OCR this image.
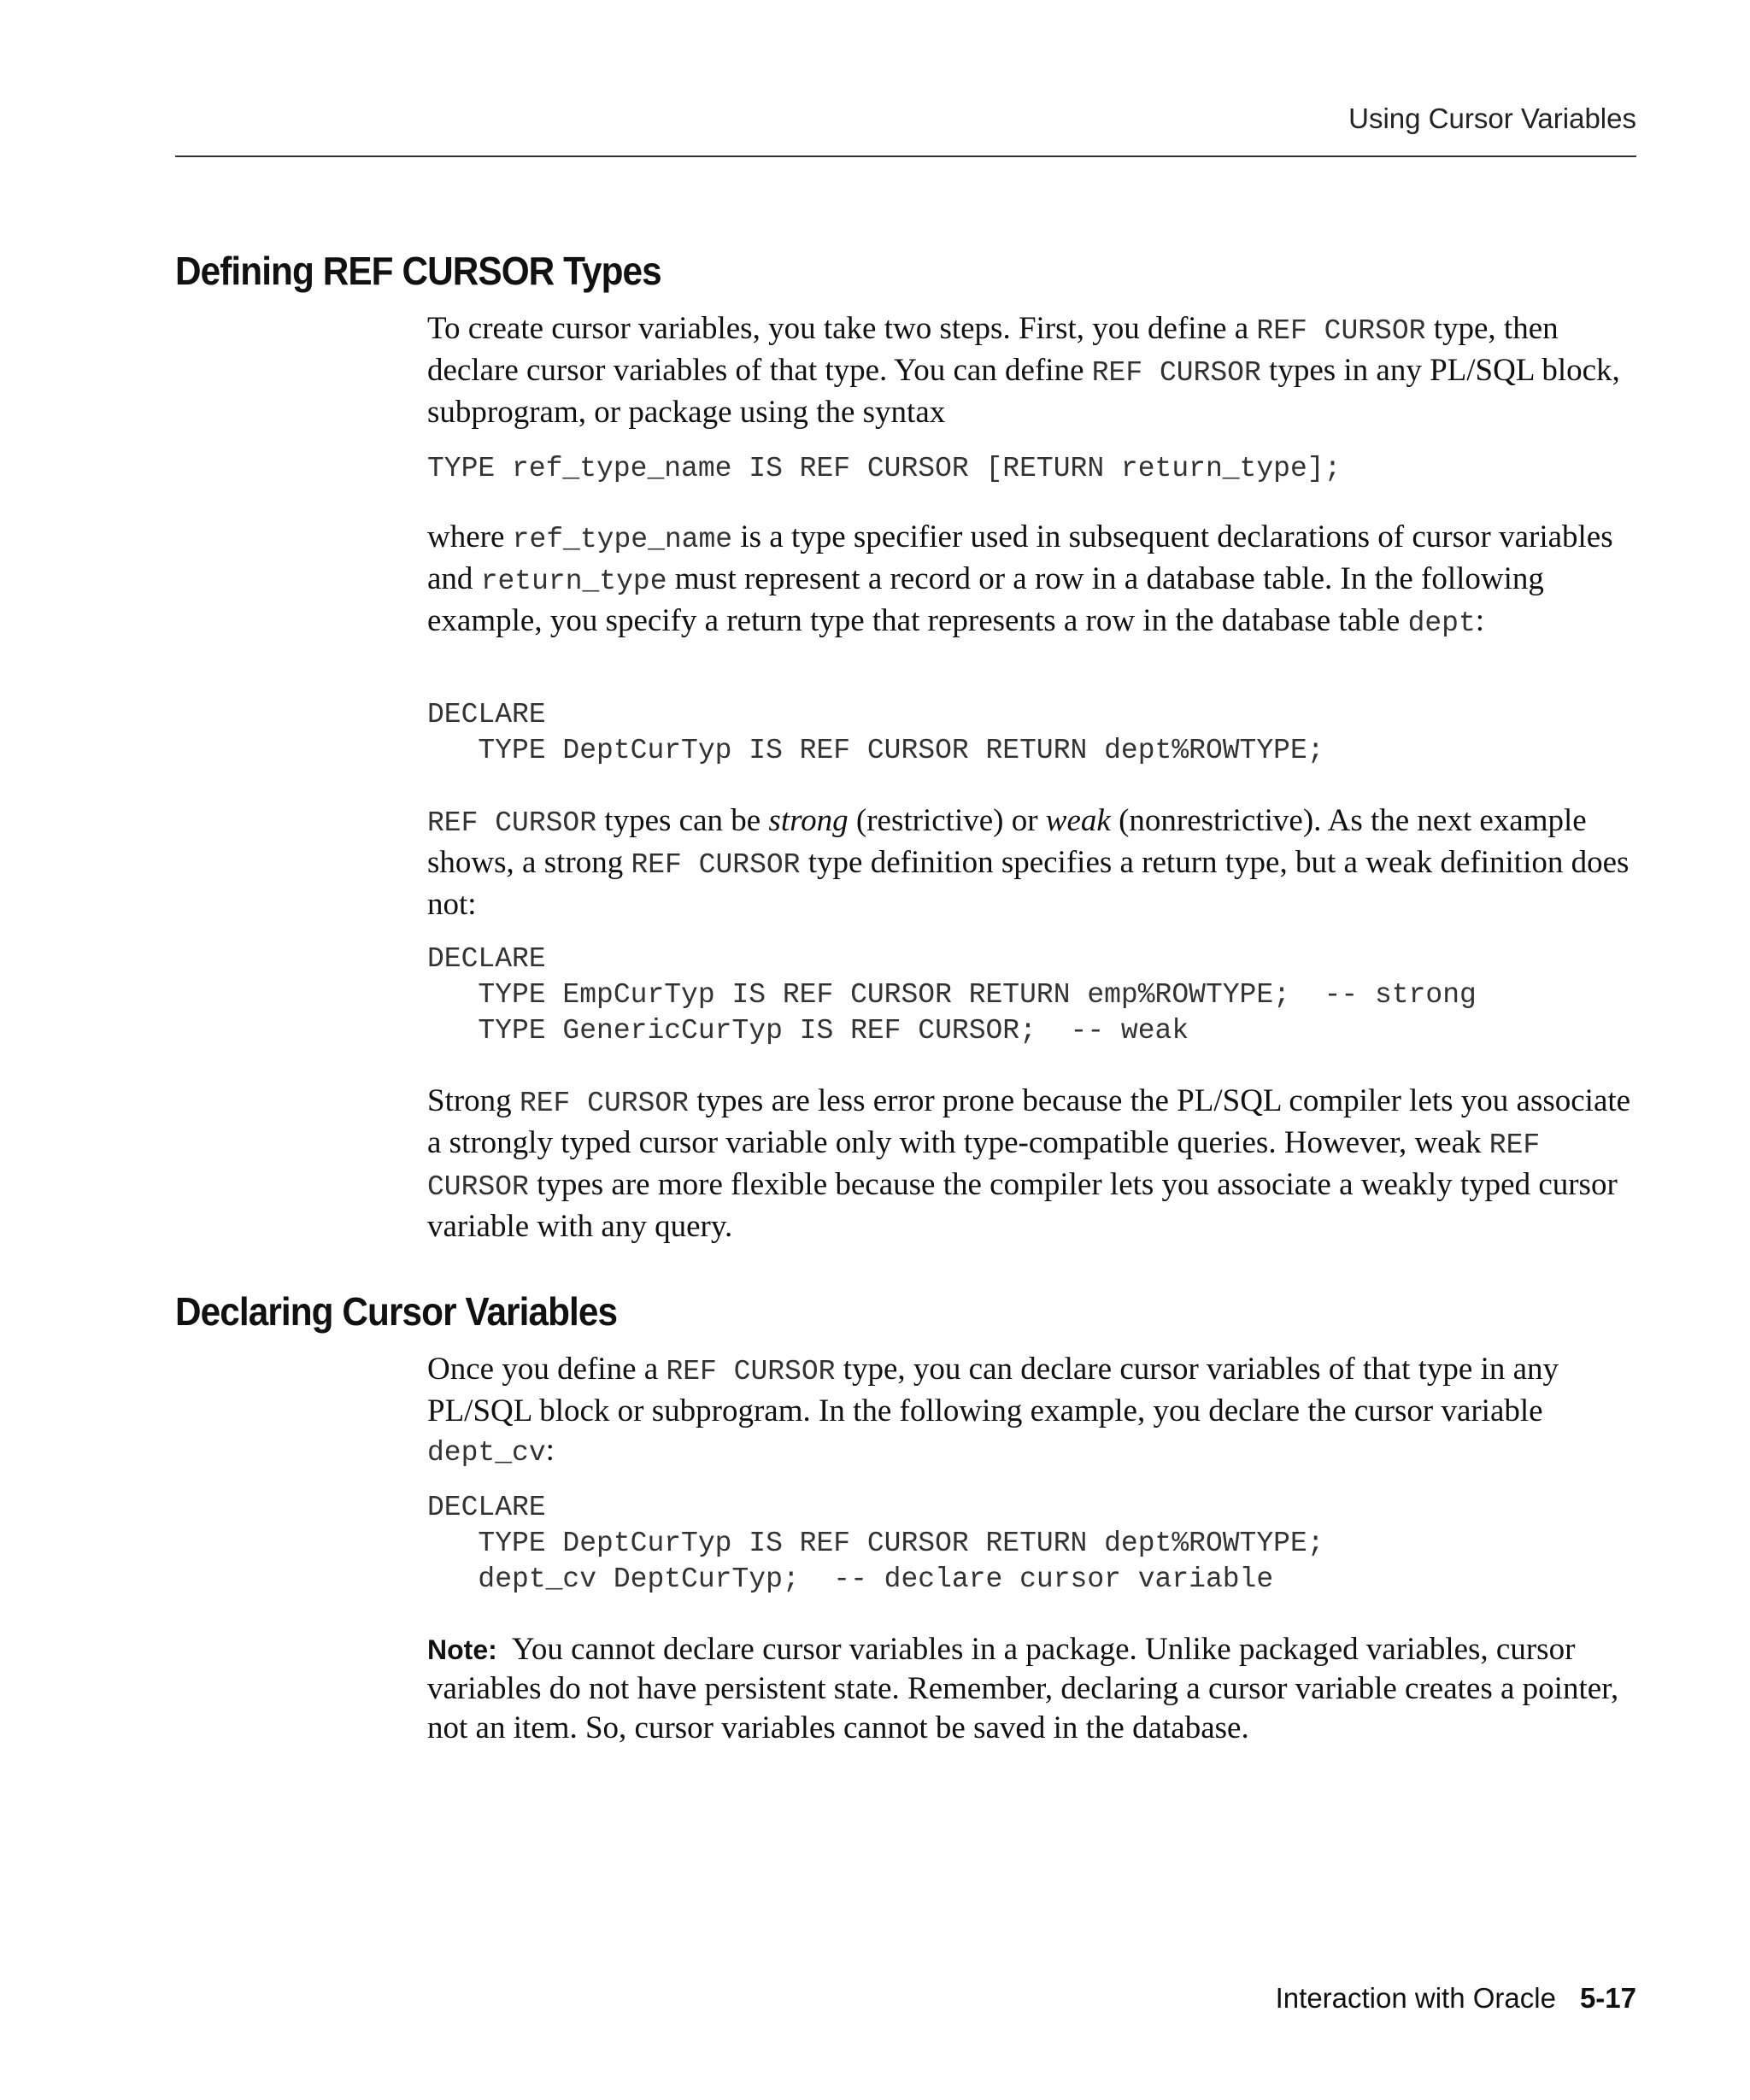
Using Cursor Variables
Defining REF CURSOR Types

To create cursor variables, you take two steps. First, you define a REF CURSOR type, then declare cursor variables of that type. You can define REF CURSOR types in any PL/SQL block, subprogram, or package using the syntax

TYPE ref_type_name IS REF CURSOR [RETURN return_type];

where ref_type_name is a type specifier used in subsequent declarations of cursor variables and return_type must represent a record or a row in a database table. In the following example, you specify a return type that represents a row in the database table dept:

DECLARE
TYPE DeptCurTyp IS REF CURSOR RETURN dept%ROWTYPE;

REF CURSOR types can be strong (restrictive) or weak (nonrestrictive). As the next example shows, a strong REF CURSOR type definition specifies a return type, but a weak definition does not:

DECLARE
TYPE EmpCurTyp IS REF CURSOR RETURN emp%ROWTYPE;  -- strong
TYPE GenericCurTyp IS REF CURSOR;  -- weak

Strong REF CURSOR types are less error prone because the PL/SQL compiler lets you associate a strongly typed cursor variable only with type-compatible queries. However, weak REF CURSOR types are more flexible because the compiler lets you associate a weakly typed cursor variable with any query.

Declaring Cursor Variables

Once you define a REF CURSOR type, you can declare cursor variables of that type in any PL/SQL block or subprogram. In the following example, you declare the cursor variable dept_cv:

DECLARE
TYPE DeptCurTyp IS REF CURSOR RETURN dept%ROWTYPE;
dept_cv DeptCurTyp;  -- declare cursor variable

Note: You cannot declare cursor variables in a package. Unlike packaged variables, cursor variables do not have persistent state. Remember, declaring a cursor variable creates a pointer, not an item. So, cursor variables cannot be saved in the database.

Interaction with Oracle 5-17
